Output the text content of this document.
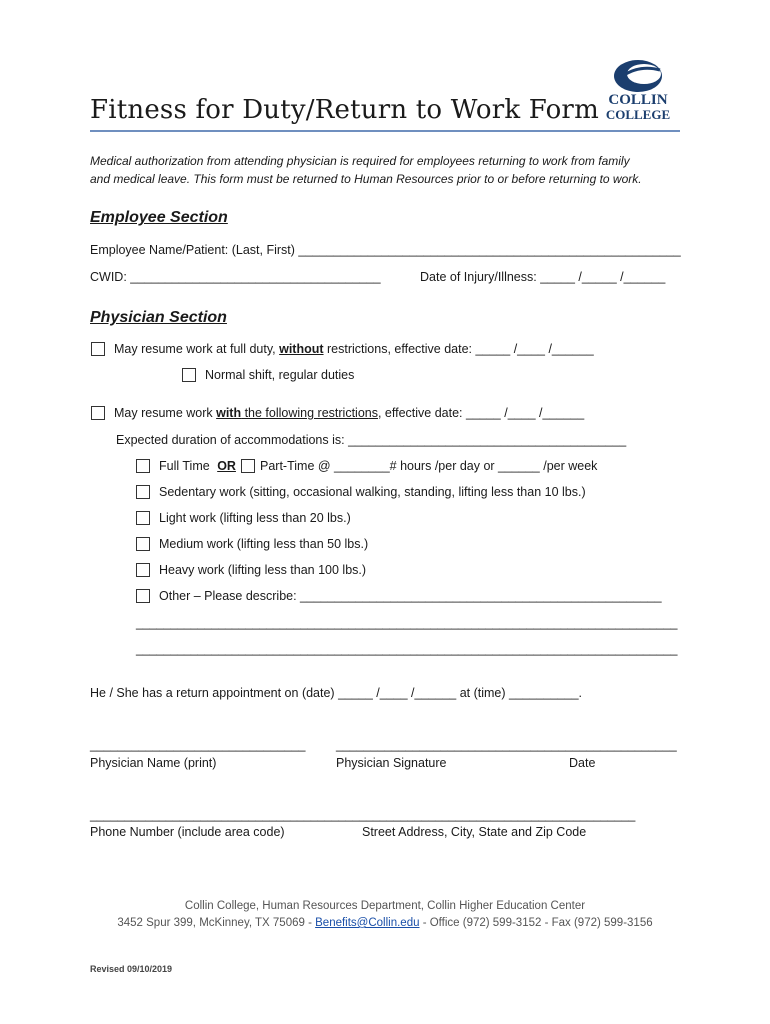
Fitness for Duty/Return to Work Form COLLIN
COLLEGE
Medical authorization from attending physician is required for employees returning to work from family
and medical leave. This form must be returned to Human Resources prior to or before returning to work.
Employee Section
Employee Name/Patient: (Last, First) _______________________________________________________
CWID: ____________________________________	Date of Injury/Illness: _____ /_____ /______
Physician Section
May resume work at full duty, without restrictions, effective date: _____ /____ /______
Normal shift, regular duties
May resume work with the following restrictions, effective date: _____ /____ /______
Expected duration of accommodations is: ________________________________________
Full Time OR Part-Time @ ________# hours /per day or ______ /per week
Sedentary work (sitting, occasional walking, standing, lifting less than 10 lbs.)
Light work (lifting less than 20 lbs.)
Medium work (lifting less than 50 lbs.)
Heavy work (lifting less than 100 lbs.)
Other – Please describe: ____________________________________________________
_______________________________________________________________________________
_______________________________________________________________________________
He / She has a return appointment on (date) _____ /____ /______ at (time) __________.
_______________________________ _________________________________________________
Physician Name (print)	Physician Signature	Date
_______________________________________________________________________________
Phone Number (include area code)	Street Address, City, State and Zip Code
Collin College, Human Resources Department, Collin Higher Education Center
3452 Spur 399, McKinney, TX 75069 - Benefits@Collin.edu - Office (972) 599-3152 - Fax (972) 599-3156
Revised 09/10/2019
